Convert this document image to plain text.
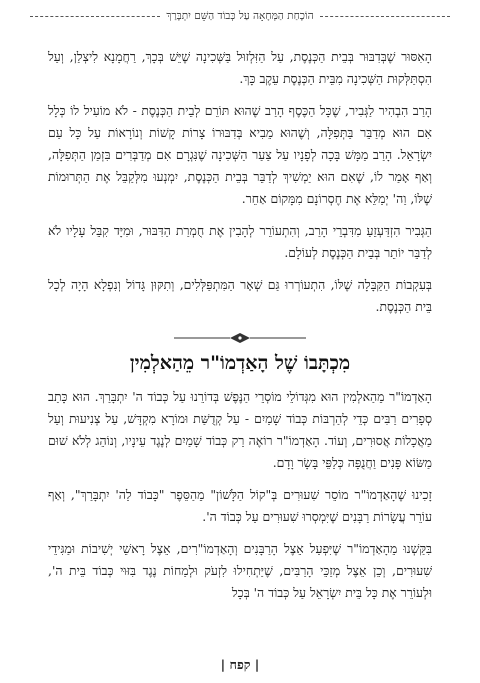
הוֹכָחַת הַמְּחָאָה עַל כְּבוֹד הַשֵּׁם יִתְבָּרַךְ

הָאִסּוּר שֶׁבְּדִבּוּר בְּבֵית הַכְּנֶסֶת, עַל הַזִּלְזוּל בַּשְּׁכִינָה שֶׁיֵּשׁ בְּכָךְ, רַחֲמָנָא לִיצְלַן, וְעַל הִסְתַּלְּקוּת הַשְּׁכִינָה מִבֵּית הַכְּנֶסֶת עֵקֶב כָּךְ.

הָרַב הִבְהִיר לַגְּבִיר, שֶׁכָּל הַכֶּסֶף הָרַב שֶׁהוּא תּוֹרֵם לְבֵית הַכְּנֶסֶת - לֹא מוֹעִיל לוֹ כְּלָל אִם הוּא מְדַבֵּר בַּתְּפִלָּה, וְשֶׁהוּא מֵבִיא בְּדִבּוּרוֹ צָרוֹת קָשׁוֹת וְנוֹרָאוֹת עַל כָּל עַם יִשְׂרָאֵל. הָרַב מַמָּשׁ בָּכָה לְפָנָיו עַל צַעַר הַשְּׁכִינָה שֶׁנִּגְרָם אִם מְדַבְּרִים בִּזְמַן הַתְּפִלָּה, וְאַף אָמַר לוֹ, שֶׁאִם הוּא יַמְשִׁיךְ לְדַבֵּר בְּבֵית הַכְּנֶסֶת, יִמְנְעוּ מִלְּקַבֵּל אֶת הַתְּרוּמוֹת שֶׁלּוֹ, וַה' יְמַלֵּא אֶת חֶסְרוֹנָם מִמָּקוֹם אַחֵר.

הַגְּבִיר הִזְדַּעְזֵעַ מִדִּבְרֵי הָרַב, וְהִתְעוֹרֵר לְהָבִין אֶת חֻמְרַת הַדִּבּוּר, וּמִיָּד קִבֵּל עָלָיו לֹא לְדַבֵּר יוֹתֵר בְּבֵית הַכְּנֶסֶת לְעוֹלָם.

בְּעִקְבוֹת הַקַּבָּלָה שֶׁלּוֹ, הִתְעוֹרְרוּ גַּם שְׁאָר הַמִּתְפַּלְּלִים, וְתִקּוּן גָּדוֹל וְנִפְלָא הָיָה לְכָל בֵּית הַכְּנֶסֶת.

מִכְתָּבוֹ שֶׁל הָאַדְמוֹ"ר מֵהַאלְמִין

הָאַדְמוֹ"ר מֵהַאלְמִין הוּא מִגְּדוֹלֵי מוֹסְרֵי הַנֶּפֶשׁ בְּדוֹרֵנוּ עַל כְּבוֹד ה' יִתְבָּרַךְ. הוּא כָּתַב סְפָרִים רַבִּים כְּדֵי לְהַרְבּוֹת כְּבוֹד שָׁמַיִם - עַל קְדֻשַּׁת וּמוֹרָא מִקְדָּשׁ, עַל צְנִיעוּת וְעַל מַאֲכָלוֹת אֲסוּרִים, וְעוֹד. הָאַדְמוֹ"ר רוֹאֶה רַק כְּבוֹד שָׁמַיִם לְנֶגֶד עֵינָיו, וְנוֹהֵג לְלֹא שׁוּם מַשּׂוֹא פָּנִים וַחֲנֻפָּה כְּלַפֵּי בָּשָׂר וָדָם.

זָכִינוּ שֶׁהָאַדְמוֹ"ר מוֹסֵר שִׁעוּרִים בְּ"קוֹל הַלָּשׁוֹן" מֵהַסֵּפֶר "כָּבוֹד לַה' יִתְבָּרַךְ", וְאַף עוֹרֵר עֲשָׂרוֹת רַבָּנִים שֶׁיִּמְסְרוּ שִׁעוּרִים עַל כְּבוֹד ה'.

בִּקַּשְׁנוּ מֵהָאַדְמוֹ"ר שֶׁיִּפְעַל אֵצֶל הָרַבָּנִים וְהָאַדְמוֹ"רִים, אֵצֶל רָאשֵׁי יְשִׁיבוֹת וּמַגִּידֵי שִׁעוּרִים, וְכֵן אֵצֶל מְזַכֵּי הָרַבִּים, שֶׁיַּתְחִילוּ לִזְעֹק וּלְמַחוֹת נֶגֶד בִּזּוּי כְּבוֹד בֵּית ה', וּלְעוֹרֵר אֶת כָּל בֵּית יִשְׂרָאֵל עַל כְּבוֹד ה' בְּכָל

| קפח |
